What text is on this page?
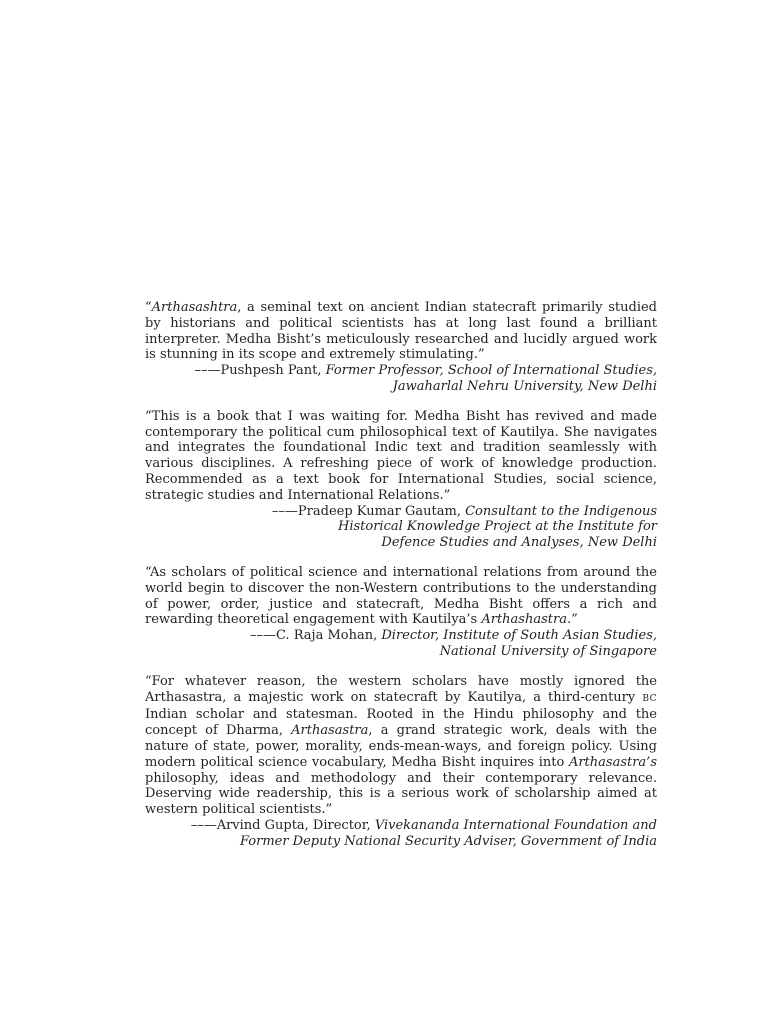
“Arthasashtra, a seminal text on ancient Indian statecraft primarily studied by historians and political scientists has at long last found a brilliant interpreter. Medha Bisht’s meticulously researched and lucidly argued work is stunning in its scope and extremely stimulating.”

––—Pushpesh Pant, Former Professor, School of International Studies,
Jawaharlal Nehru University, New Delhi

“This is a book that I was waiting for. Medha Bisht has revived and made contemporary the political cum philosophical text of Kautilya. She navigates and integrates the foundational Indic text and tradition seamlessly with various disciplines. A refreshing piece of work of knowledge production. Recommended as a text book for International Studies, social science, strategic studies and International Relations.”

––—Pradeep Kumar Gautam, Consultant to the Indigenous
Historical Knowledge Project at the Institute for
Defence Studies and Analyses, New Delhi

“As scholars of political science and international relations from around the world begin to discover the non-Western contributions to the understanding of power, order, justice and statecraft, Medha Bisht offers a rich and rewarding theoretical engagement with Kautilya’s Arthashastra.”

––—C. Raja Mohan, Director, Institute of South Asian Studies,
National University of Singapore

“For whatever reason, the western scholars have mostly ignored the Arthasastra, a majestic work on statecraft by Kautilya, a third-century BC Indian scholar and statesman. Rooted in the Hindu philosophy and the concept of Dharma, Arthasastra, a grand strategic work, deals with the nature of state, power, morality, ends-mean-ways, and foreign policy. Using modern political science vocabulary, Medha Bisht inquires into Arthasastra’s philosophy, ideas and methodology and their contemporary relevance. Deserving wide readership, this is a serious work of scholarship aimed at western political scientists.”

––—Arvind Gupta, Director, Vivekananda International Foundation and
Former Deputy National Security Adviser, Government of India
